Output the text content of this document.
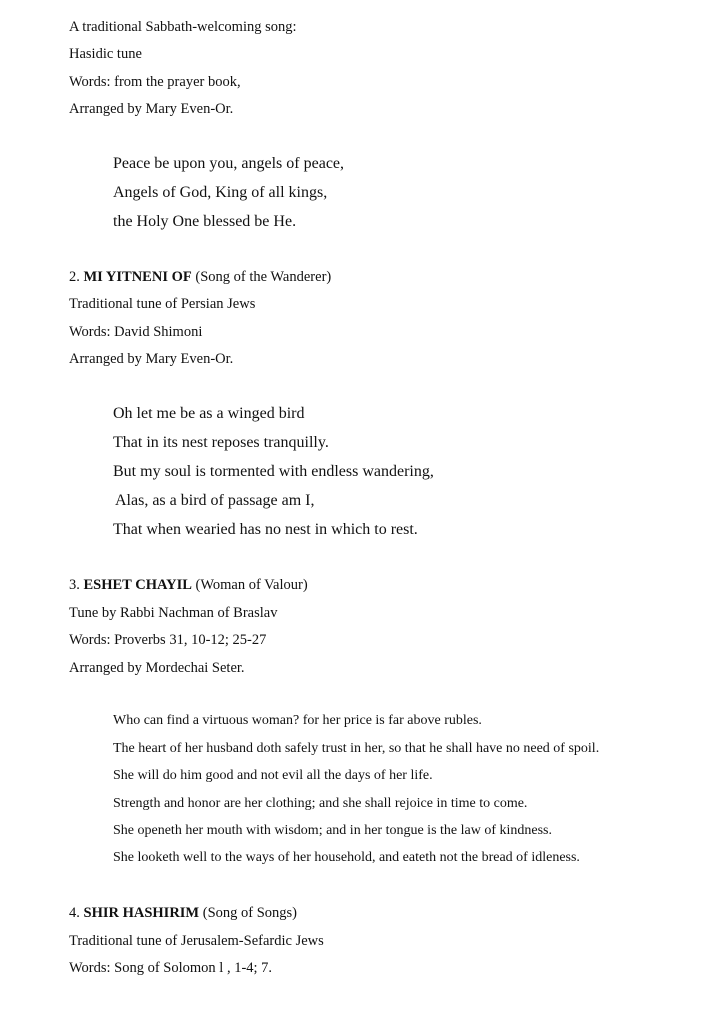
A traditional Sabbath-welcoming song:
Hasidic tune
Words: from the prayer book,
Arranged by Mary Even-Or.
Peace be upon you, angels of peace,
Angels of God, King of all kings,
the Holy One blessed be He.
2. MI YITNENI OF (Song of the Wanderer)
Traditional tune of Persian Jews
Words: David Shimoni
Arranged by Mary Even-Or.
Oh let me be as a winged bird
That in its nest reposes tranquilly.
But my soul is tormented with endless wandering,
Alas, as a bird of passage am I,
That when wearied has no nest in which to rest.
3. ESHET CHAYIL (Woman of Valour)
Tune by Rabbi Nachman of Braslav
Words: Proverbs 31, 10-12; 25-27
Arranged by Mordechai Seter.
Who can find a virtuous woman? for her price is far above rubles.
The heart of her husband doth safely trust in her, so that he shall have no need of spoil.
She will do him good and not evil all the days of her life.
Strength and honor are her clothing; and she shall rejoice in time to come.
She openeth her mouth with wisdom; and in her tongue is the law of kindness.
She looketh well to the ways of her household, and eateth not the bread of idleness.
4. SHIR HASHIRIM (Song of Songs)
Traditional tune of Jerusalem-Sefardic Jews
Words: Song of Solomon l , 1-4; 7.
